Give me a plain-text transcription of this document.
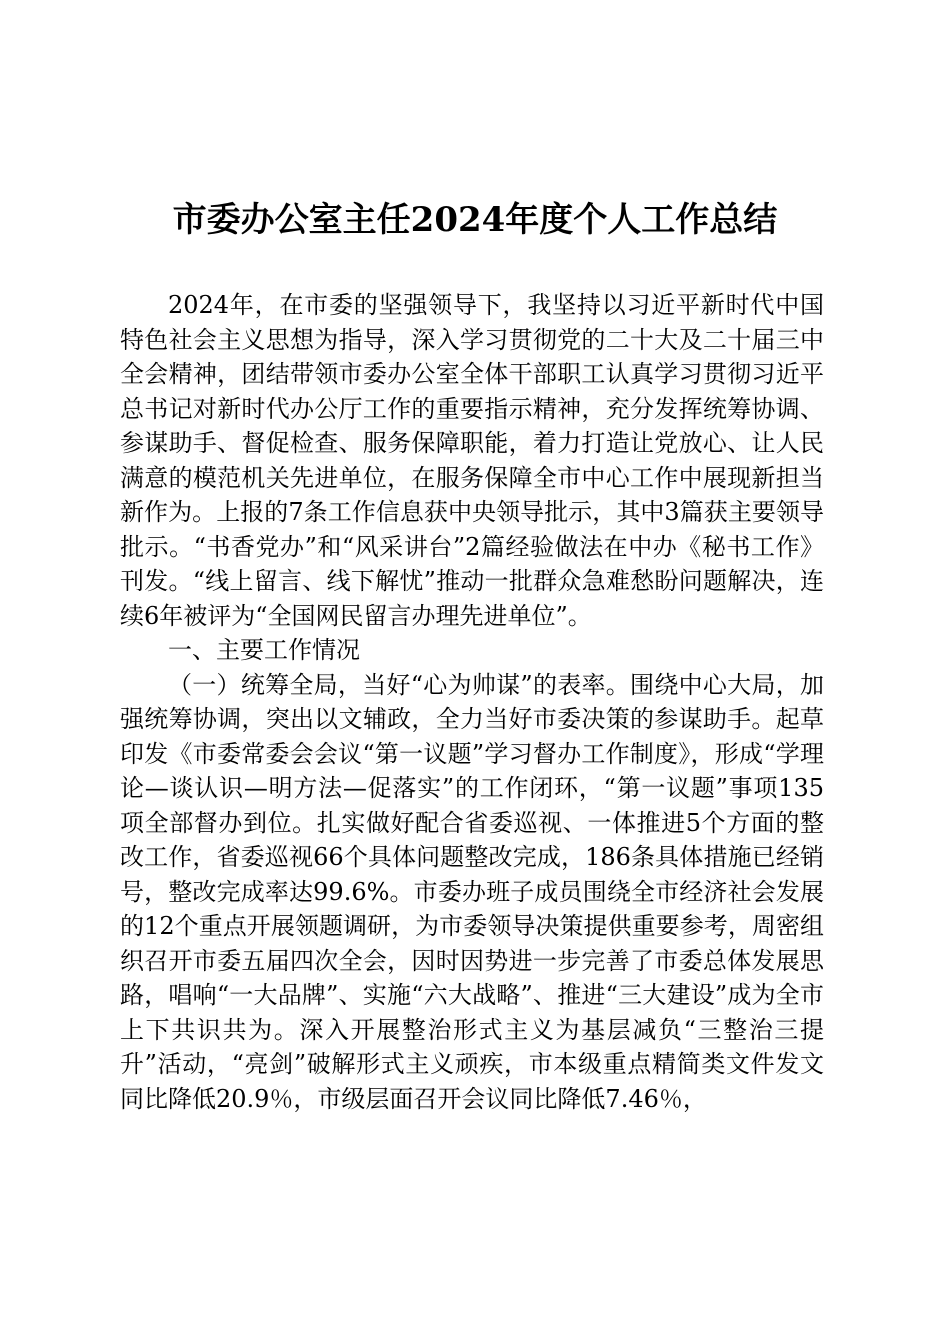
市委办公室主任2024年度个人工作总结

2024年，在市委的坚强领导下，我坚持以习近平新时代中国特色社会主义思想为指导，深入学习贯彻党的二十大及二十届三中全会精神，团结带领市委办公室全体干部职工认真学习贯彻习近平总书记对新时代办公厅工作的重要指示精神，充分发挥统筹协调、参谋助手、督促检查、服务保障职能，着力打造让党放心、让人民满意的模范机关先进单位，在服务保障全市中心工作中展现新担当新作为。上报的7条工作信息获中央领导批示，其中3篇获主要领导批示。“书香党办”和“风采讲台”2篇经验做法在中办《秘书工作》刊发。“线上留言、线下解忧”推动一批群众急难愁盼问题解决，连续6年被评为“全国网民留言办理先进单位”。

一、主要工作情况

（一）统筹全局，当好“心为帅谋”的表率。围绕中心大局，加强统筹协调，突出以文辅政，全力当好市委决策的参谋助手。起草印发《市委常委会会议“第一议题”学习督办工作制度》，形成“学理论—谈认识—明方法—促落实”的工作闭环，“第一议题”事项135项全部督办到位。扎实做好配合省委巡视、一体推进5个方面的整改工作，省委巡视66个具体问题整改完成，186条具体措施已经销号，整改完成率达99.6%。市委办班子成员围绕全市经济社会发展的12个重点开展领题调研，为市委领导决策提供重要参考，周密组织召开市委五届四次全会，因时因势进一步完善了市委总体发展思路，唱响“一大品牌”、实施“六大战略”、推进“三大建设”成为全市上下共识共为。深入开展整治形式主义为基层减负“三整治三提升”活动，“亮剑”破解形式主义顽疾，市本级重点精简类文件发文同比降低20.9％，市级层面召开会议同比降低7.46％，
